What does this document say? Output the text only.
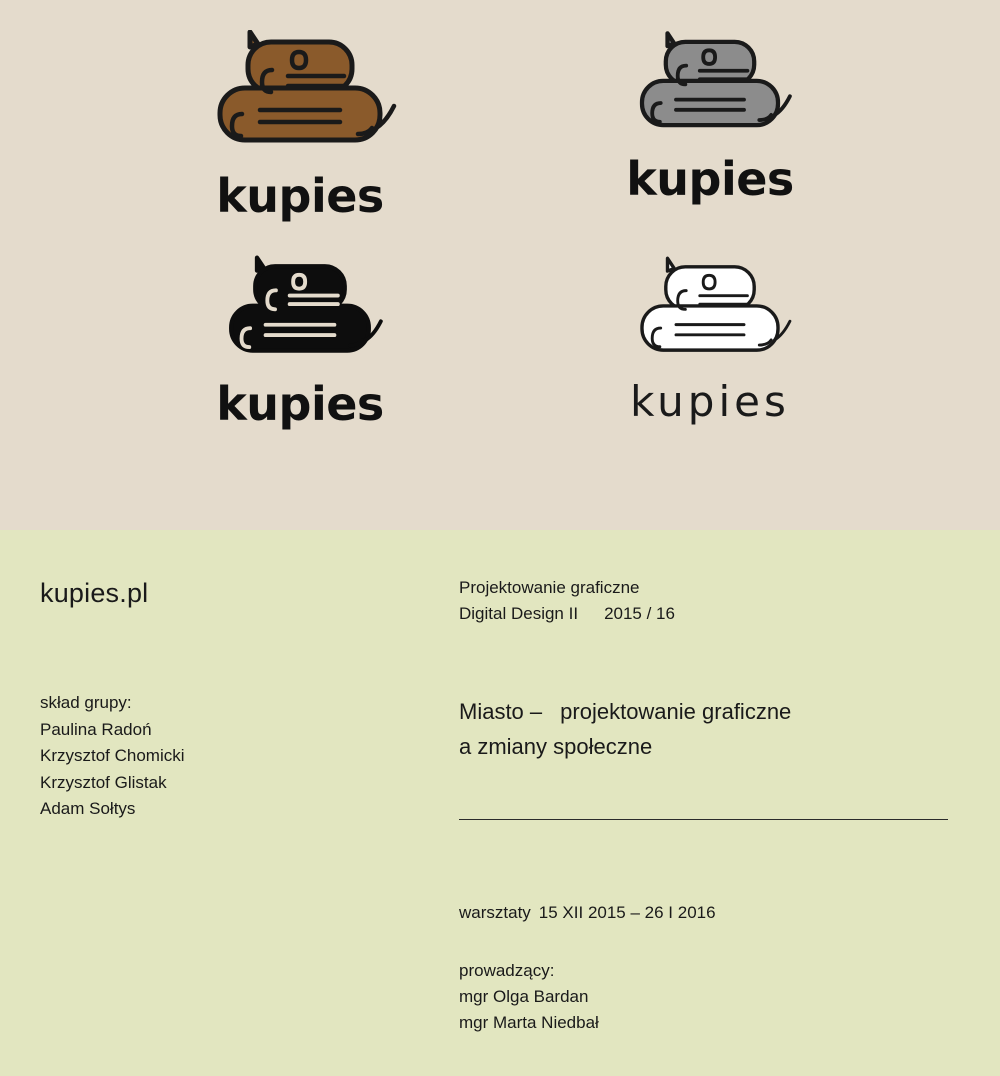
kupies	kupies
kupies	kupies
kupies.pl
skład grupy:
Paulina Radoń
Krzysztof Chomicki
Krzysztof Glistak
Adam Sołtys
Projektowanie graficzne
Digital Design II 2015 / 16
Miasto – projektowanie graficzne
a zmiany społeczne
warsztaty 15 XII 2015 – 26 I 2016
prowadzący:
mgr Olga Bardan
mgr Marta Niedbał
